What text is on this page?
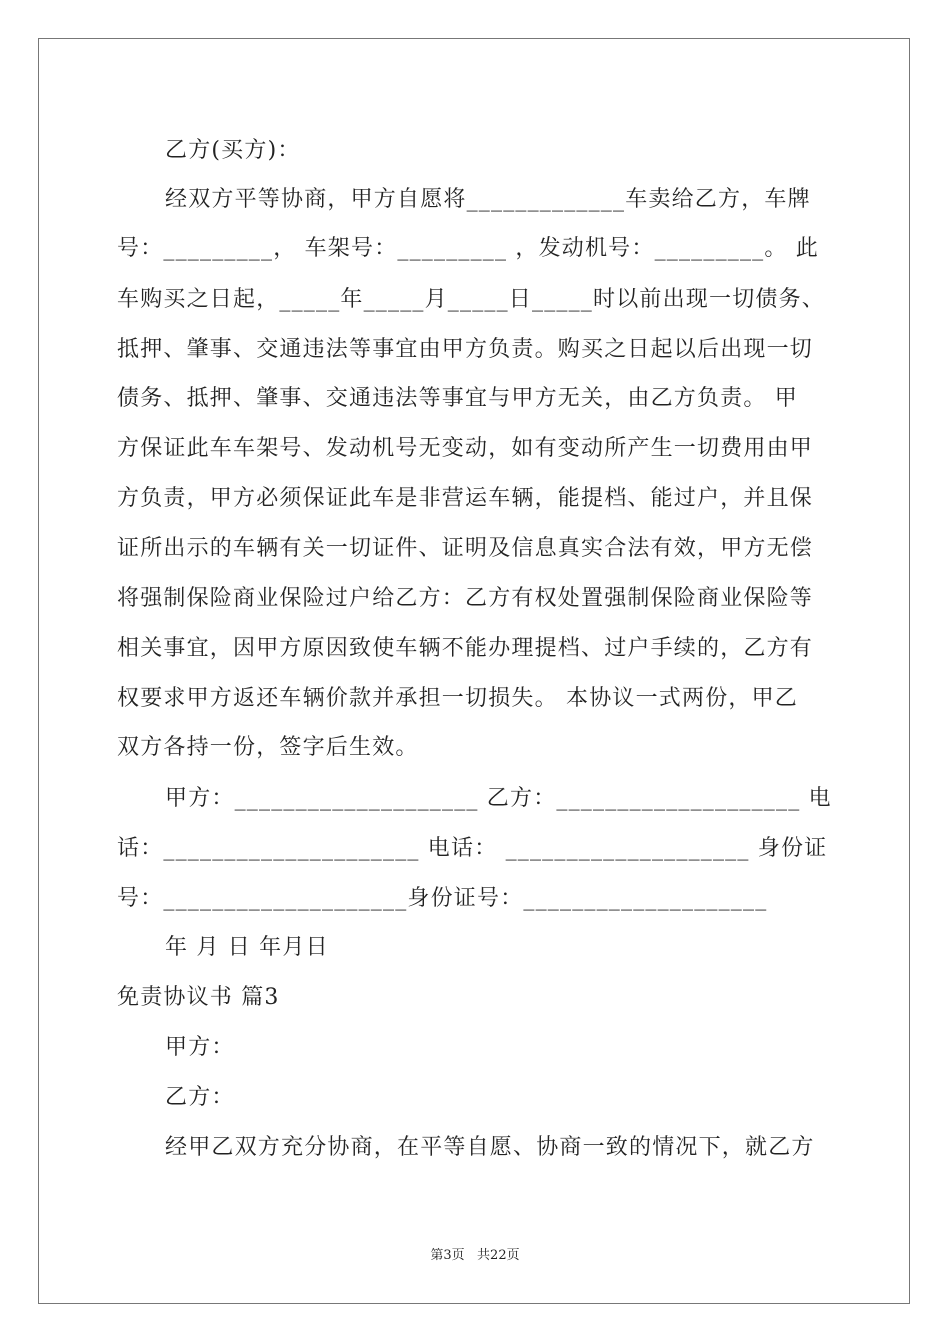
乙方(买方)：
经双方平等协商，甲方自愿将_____________车卖给乙方，车牌
号：_________， 车架号：_________ ，发动机号：_________。 此
车购买之日起，_____年_____月_____日_____时以前出现一切债务、
抵押、肇事、交通违法等事宜由甲方负责。购买之日起以后出现一切
债务、抵押、肇事、交通违法等事宜与甲方无关，由乙方负责。 甲
方保证此车车架号、发动机号无变动，如有变动所产生一切费用由甲
方负责，甲方必须保证此车是非营运车辆，能提档、能过户，并且保
证所出示的车辆有关一切证件、证明及信息真实合法有效，甲方无偿
将强制保险商业保险过户给乙方：乙方有权处置强制保险商业保险等
相关事宜，因甲方原因致使车辆不能办理提档、过户手续的，乙方有
权要求甲方返还车辆价款并承担一切损失。 本协议一式两份，甲乙
双方各持一份，签字后生效。
甲方：____________________ 乙方：____________________ 电
话：_____________________ 电话： ____________________ 身份证
号：____________________身份证号：____________________
年 月 日 年月日
免责协议书 篇3
甲方：
乙方：
经甲乙双方充分协商，在平等自愿、协商一致的情况下，就乙方
第3页   共22页
